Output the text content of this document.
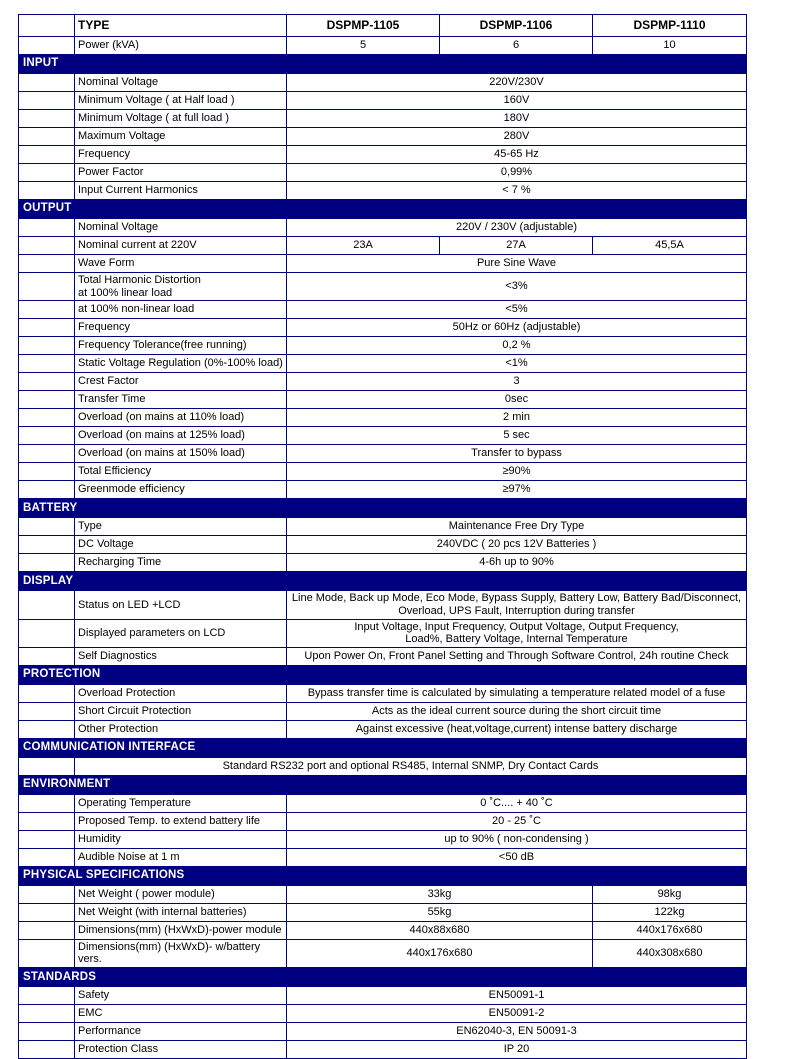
	TYPE	DSPMP-1105	DSPMP-1106	DSPMP-1110
	Power (kVA)	5	6	10
INPUT				
	Nominal Voltage	220V/230V		
	Minimum Voltage ( at Half load )	160V		
	Minimum Voltage ( at full load )	180V		
	Maximum Voltage	280V		
	Frequency	45-65 Hz		
	Power Factor	0,99%		
	Input Current Harmonics	< 7 %		
OUTPUT				
	Nominal Voltage	220V / 230V (adjustable)		
	Nominal current at 220V	23A	27A	45,5A
	Wave Form	Pure Sine Wave		
	Total Harmonic Distortion
at 100% linear load	<3%		
	at 100% non-linear load	<5%		
	Frequency	50Hz or 60Hz (adjustable)		
	Frequency Tolerance(free running)	0,2 %		
	Static Voltage Regulation (0%-100% load)	<1%		
	Crest Factor	3		
	Transfer Time	0sec		
	Overload (on mains at 110% load)	2 min		
	Overload (on mains at 125% load)	5 sec		
	Overload (on mains at 150% load)	Transfer to bypass		
	Total Efficiency	≥90%		
	Greenmode efficiency	≥97%		
BATTERY				
	Type	Maintenance Free Dry Type		
	DC Voltage	240VDC ( 20 pcs 12V Batteries )		
	Recharging Time	4-6h up to 90%		
DISPLAY				
	Status on LED +LCD	Line Mode, Back up Mode, Eco Mode, Bypass Supply, Battery Low, Battery Bad/Disconnect,
Overload, UPS Fault, Interruption during transfer		
	Displayed parameters on LCD	Input Voltage, Input Frequency, Output Voltage, Output Frequency,
Load%, Battery Voltage, Internal Temperature		
	Self Diagnostics	Upon Power On, Front Panel Setting and Through Software Control, 24h routine Check		
PROTECTION				
	Overload Protection	Bypass transfer time is calculated by simulating a temperature related model of a fuse		
	Short Circuit Protection	Acts as the ideal current source during the short circuit time		
	Other Protection	Against excessive (heat,voltage,current) intense battery discharge		
COMMUNICATION INTERFACE				
	Standard RS232 port and optional RS485, Internal SNMP, Dry Contact Cards			
ENVIRONMENT				
	Operating Temperature	0 ˚C.... + 40 ˚C		
	Proposed Temp. to extend battery life	20 - 25 ˚C		
	Humidity	up to 90% ( non-condensing )		
	Audible Noise at 1 m	<50 dB		
PHYSICAL SPECIFICATIONS				
	Net Weight ( power module)	33kg		98kg
	Net Weight (with internal batteries)	55kg		122kg
	Dimensions(mm) (HxWxD)-power module	440x88x680		440x176x680
	Dimensions(mm) (HxWxD)- w/battery vers.	440x176x680		440x308x680
STANDARDS				
	Safety	EN50091-1		
	EMC	EN50091-2		
	Performance	EN62040-3, EN 50091-3		
	Protection Class	IP 20		
